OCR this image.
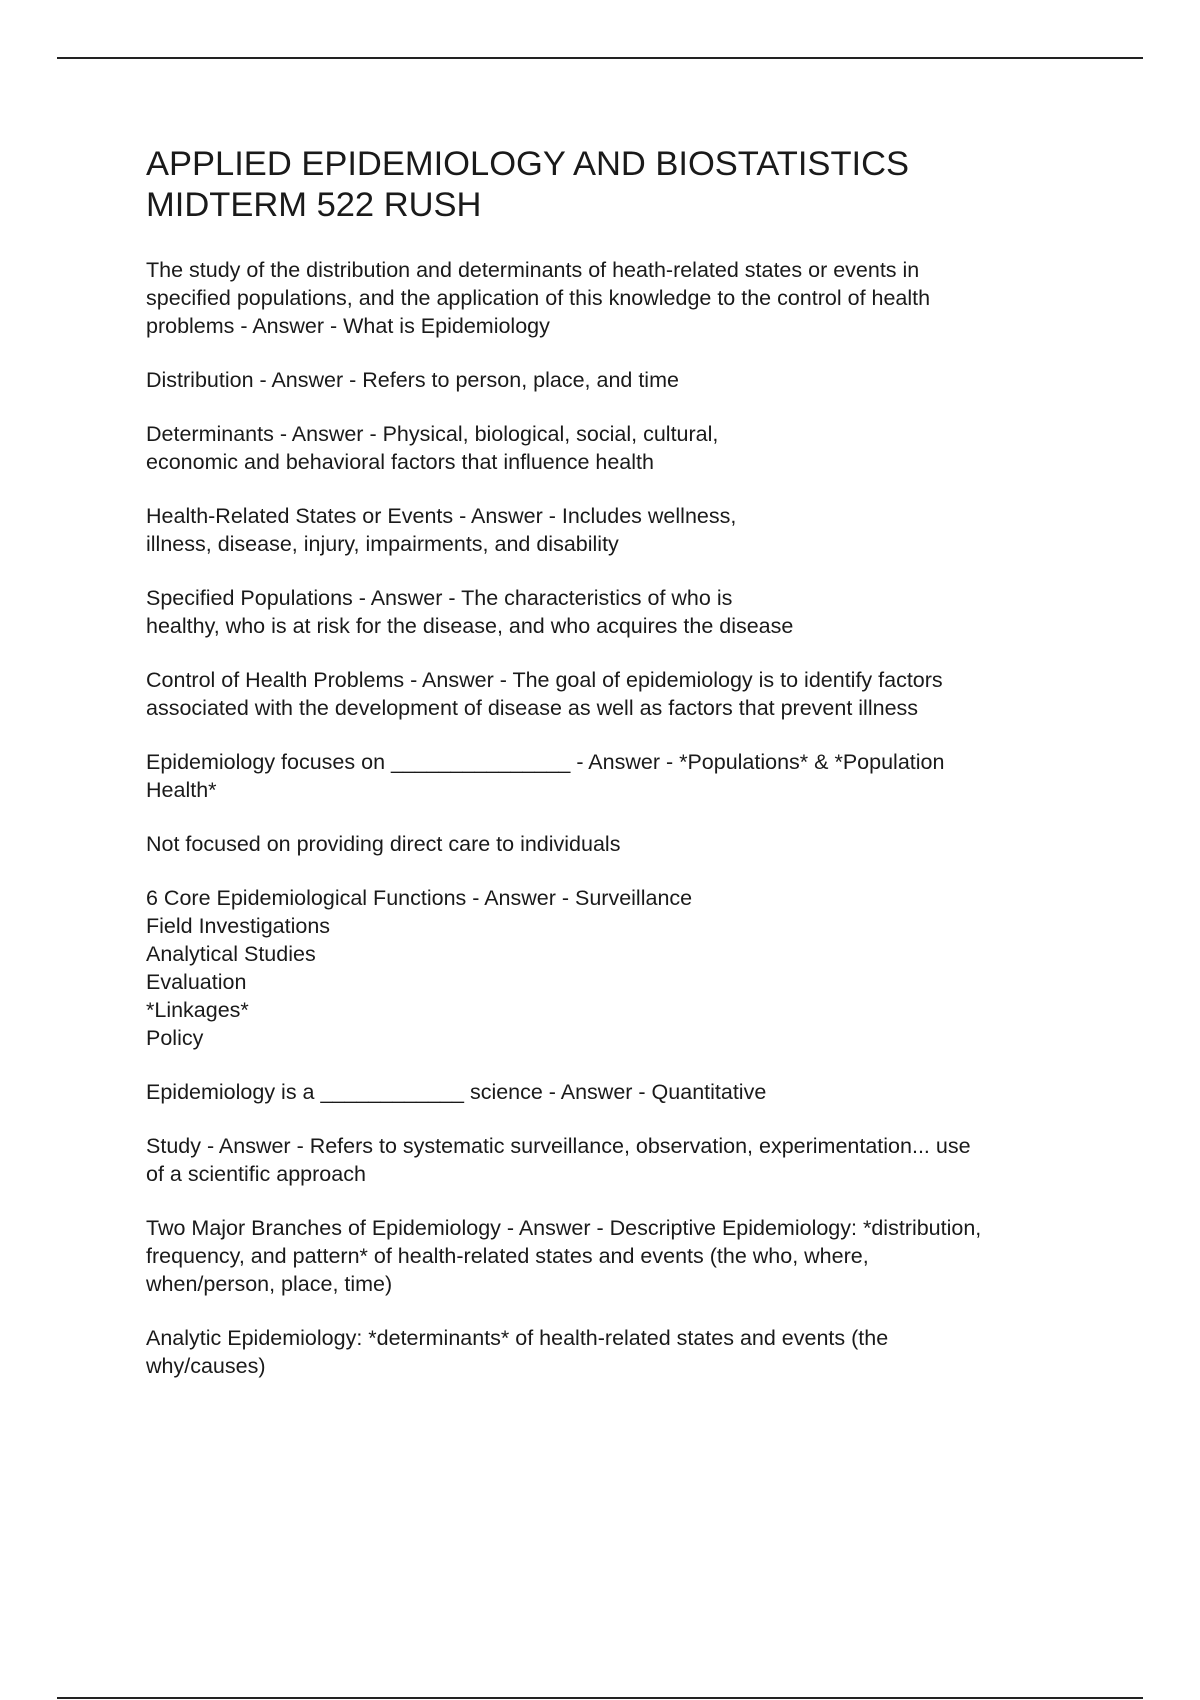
APPLIED EPIDEMIOLOGY AND BIOSTATISTICS
MIDTERM 522 RUSH
The study of the distribution and determinants of heath-related states or events in
specified populations, and the application of this knowledge to the control of health
problems - Answer - What is Epidemiology
Distribution - Answer - Refers to person, place, and time
Determinants - Answer - Physical, biological, social, cultural,
economic and behavioral factors that influence health
Health-Related States or Events - Answer - Includes wellness,
illness, disease, injury, impairments, and disability
Specified Populations - Answer - The characteristics of who is
healthy, who is at risk for the disease, and who acquires the disease
Control of Health Problems - Answer - The goal of epidemiology is to identify factors
associated with the development of disease as well as factors that prevent illness
Epidemiology focuses on _______________ - Answer - *Populations* & *Population
Health*
Not focused on providing direct care to individuals
6 Core Epidemiological Functions - Answer - Surveillance
Field Investigations
Analytical Studies
Evaluation
*Linkages*
Policy
Epidemiology is a ____________ science - Answer - Quantitative
Study - Answer - Refers to systematic surveillance, observation, experimentation... use
of a scientific approach
Two Major Branches of Epidemiology - Answer - Descriptive Epidemiology: *distribution,
frequency, and pattern* of health-related states and events (the who, where,
when/person, place, time)
Analytic Epidemiology: *determinants* of health-related states and events (the
why/causes)
